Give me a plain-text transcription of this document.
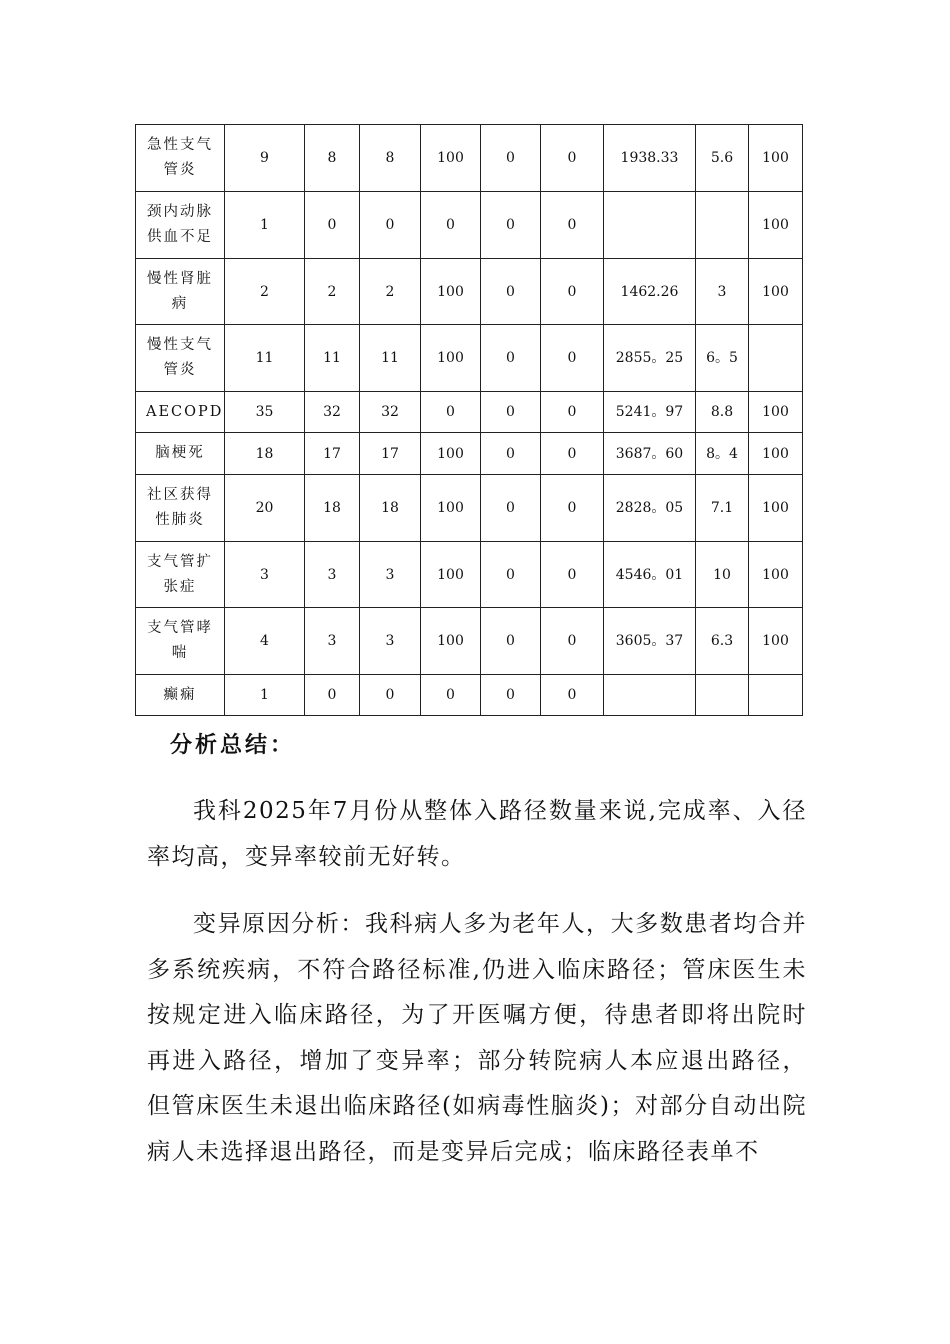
急性支气管炎	9	8	8	100	0	0	1938.33	5.6	100
颈内动脉供血不足	1	0	0	0	0	0			100
慢性肾脏病	2	2	2	100	0	0	1462.26	3	100
慢性支气管炎	11	11	11	100	0	0	2855。25	6。5	
AECOPD	35	32	32	0	0	0	5241。97	8.8	100
脑梗死	18	17	17	100	0	0	3687。60	8。4	100
社区获得性肺炎	20	18	18	100	0	0	2828。05	7.1	100
支气管扩张症	3	3	3	100	0	0	4546。01	10	100
支气管哮喘	4	3	3	100	0	0	3605。37	6.3	100
癫痫	1	0	0	0	0	0			
分析总结：

我科2025年7月份从整体入路径数量来说,完成率、入径率均高，变异率较前无好转。

变异原因分析：我科病人多为老年人，大多数患者均合并多系统疾病，不符合路径标准,仍进入临床路径；管床医生未按规定进入临床路径，为了开医嘱方便，待患者即将出院时再进入路径，增加了变异率；部分转院病人本应退出路径，但管床医生未退出临床路径(如病毒性脑炎)；对部分自动出院病人未选择退出路径，而是变异后完成；临床路径表单不
